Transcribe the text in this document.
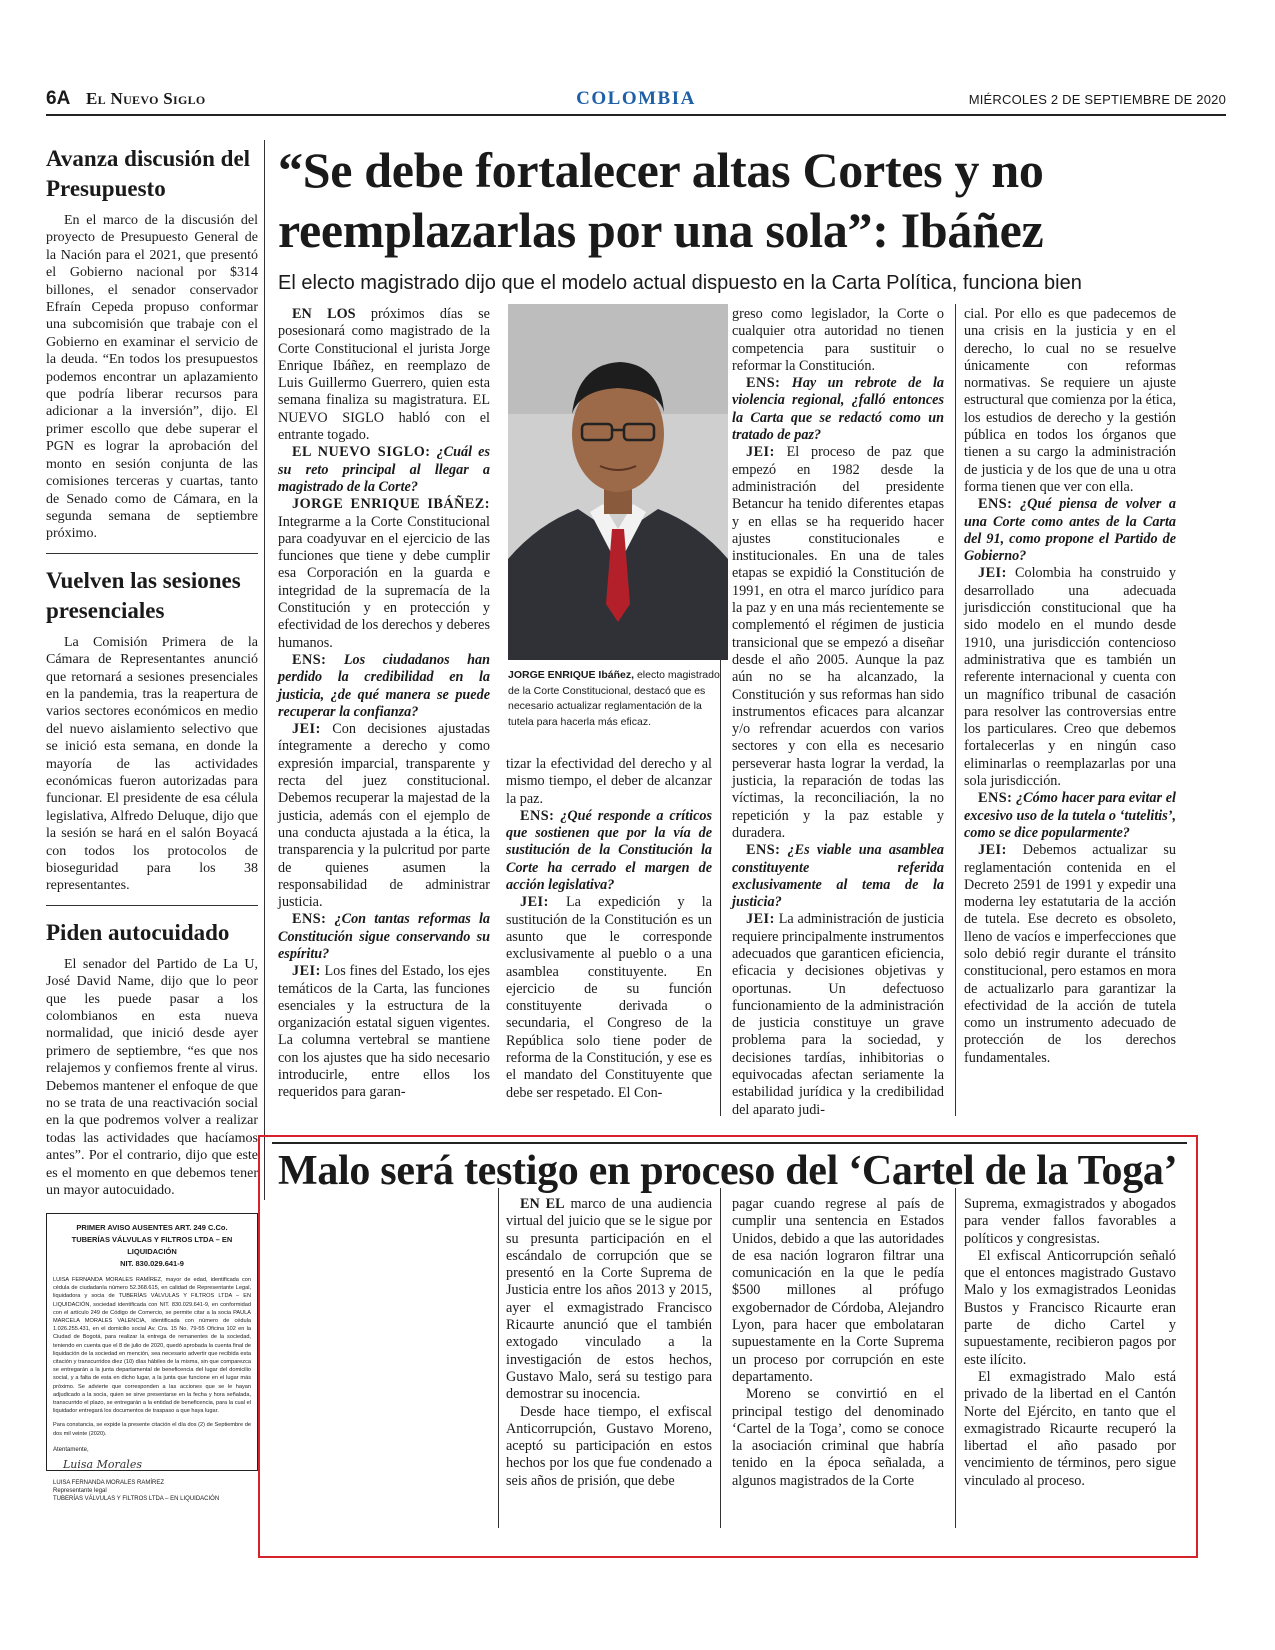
6A El Nuevo Siglo	COLOMBIA	MIÉRCOLES 2 DE SEPTIEMBRE DE 2020
Avanza discusión del Presupuesto

En el marco de la discusión del proyecto de Presupuesto General de la Nación para el 2021, que presentó el Gobierno nacional por $314 billones, el senador conservador Efraín Cepeda propuso conformar una subcomisión que trabaje con el Gobierno en examinar el servicio de la deuda. “En todos los presupuestos podemos encontrar un aplazamiento que podría liberar recursos para adicionar a la inversión”, dijo. El primer escollo que debe superar el PGN es lograr la aprobación del monto en sesión conjunta de las comisiones terceras y cuartas, tanto de Senado como de Cámara, en la segunda semana de septiembre próximo.

Vuelven las sesiones presenciales

La Comisión Primera de la Cámara de Representantes anunció que retornará a sesiones presenciales en la pandemia, tras la reapertura de varios sectores económicos en medio del nuevo aislamiento selectivo que se inició esta semana, en donde la mayoría de las actividades económicas fueron autorizadas para funcionar. El presidente de esa célula legislativa, Alfredo Deluque, dijo que la sesión se hará en el salón Boyacá con todos los protocolos de bioseguridad para los 38 representantes.

Piden autocuidado

El senador del Partido de La U, José David Name, dijo que lo peor que les puede pasar a los colombianos en esta nueva normalidad, que inició desde ayer primero de septiembre, “es que nos relajemos y confiemos frente al virus. Debemos mantener el enfoque de que no se trata de una reactivación social en la que podremos volver a realizar todas las actividades que hacíamos antes”. Por el contrario, dijo que este es el momento en que debemos tener un mayor autocuidado.

PRIMER AVISO AUSENTES ART. 249 C.Co.
TUBERÍAS VÁLVULAS Y FILTROS LTDA – EN LIQUIDACIÓN
NIT. 830.029.641-9
LUISA FERNANDA MORALES RAMÍREZ, mayor de edad, identificada con cédula de ciudadanía número 52.368.615, en calidad de Representante Legal, liquidadora y socia de TUBERÍAS VÁLVULAS Y FILTROS LTDA – EN LIQUIDACIÓN, sociedad identificada con NIT. 830.029.641-9, en conformidad con el artículo 249 de Código de Comercio, se permite citar a la socia PAULA MARCELA MORALES VALENCIA, identificada con número de cédula 1.026.255.431, en el domicilio social Av. Cra. 15 No. 79-55 Oficina 102 en la Ciudad de Bogotá, para realizar la entrega de remanentes de la sociedad, teniendo en cuenta que el 8 de julio de 2020, quedó aprobada la cuenta final de liquidación de la sociedad en mención, sea necesario advertir que recibida esta citación y transcurridos diez (10) días hábiles de la misma, sin que comparezca se entregarán a la junta departamental de beneficencia del lugar del domicilio social, y a falta de esta en dicho lugar, a la junta que funcione en el lugar más próximo. Se advierte que corresponden a las acciones que se le hayan adjudicado a la socia, quien se sirve presentarse en la fecha y hora señalada, transcurrido el plazo, se entregarán a la entidad de beneficencia, para la cual el liquidador entregará los documentos de traspaso a que haya lugar.
Para constancia, se expide la presente citación el día dos (2) de Septiembre de dos mil veinte (2020).
Atentamente,
Luisa Morales
LUISA FERNANDA MORALES RAMÍREZ
Representante legal
TUBERÍAS VÁLVULAS Y FILTROS LTDA – EN LIQUIDACIÓN
“Se debe fortalecer altas Cortes y no reemplazarlas por una sola”: Ibáñez
El electo magistrado dijo que el modelo actual dispuesto en la Carta Política, funciona bien

EN LOS próximos días se posesionará como magistrado de la Corte Constitucional el jurista Jorge Enrique Ibáñez, en reemplazo de Luis Guillermo Guerrero, quien esta semana finaliza su magistratura. EL NUEVO SIGLO habló con el entrante togado.

EL NUEVO SIGLO: ¿Cuál es su reto principal al llegar a magistrado de la Corte?

JORGE ENRIQUE IBÁÑEZ: Integrarme a la Corte Constitucional para coadyuvar en el ejercicio de las funciones que tiene y debe cumplir esa Corporación en la guarda e integridad de la supremacía de la Constitución y en protección y efectividad de los derechos y deberes humanos.

ENS: Los ciudadanos han perdido la credibilidad en la justicia, ¿de qué manera se puede recuperar la confianza?

JEI: Con decisiones ajustadas íntegramente a derecho y como expresión imparcial, transparente y recta del juez constitucional. Debemos recuperar la majestad de la justicia, además con el ejemplo de una conducta ajustada a la ética, la transparencia y la pulcritud por parte de quienes asumen la responsabilidad de administrar justicia.

ENS: ¿Con tantas reformas la Constitución sigue conservando su espíritu?

JEI: Los fines del Estado, los ejes temáticos de la Carta, las funciones esenciales y la estructura de la organización estatal siguen vigentes. La columna vertebral se mantiene con los ajustes que ha sido necesario introducirle, entre ellos los requeridos para garan-

JORGE ENRIQUE Ibáñez, electo magistrado de la Corte Constitucional, destacó que es necesario actualizar reglamentación de la tutela para hacerla más eficaz.

tizar la efectividad del derecho y al mismo tiempo, el deber de alcanzar la paz.

ENS: ¿Qué responde a críticos que sostienen que por la vía de sustitución de la Constitución la Corte ha cerrado el margen de acción legislativa?

JEI: La expedición y la sustitución de la Constitución es un asunto que le corresponde exclusivamente al pueblo o a una asamblea constituyente. En ejercicio de su función constituyente derivada o secundaria, el Congreso de la República solo tiene poder de reforma de la Constitución, y ese es el mandato del Constituyente que debe ser respetado. El Con-

greso como legislador, la Corte o cualquier otra autoridad no tienen competencia para sustituir o reformar la Constitución.

ENS: Hay un rebrote de la violencia regional, ¿falló entonces la Carta que se redactó como un tratado de paz?

JEI: El proceso de paz que empezó en 1982 desde la administración del presidente Betancur ha tenido diferentes etapas y en ellas se ha requerido hacer ajustes constitucionales e institucionales. En una de tales etapas se expidió la Constitución de 1991, en otra el marco jurídico para la paz y en una más recientemente se complementó el régimen de justicia transicional que se empezó a diseñar desde el año 2005. Aunque la paz aún no se ha alcanzado, la Constitución y sus reformas han sido instrumentos eficaces para alcanzar y/o refrendar acuerdos con varios sectores y con ella es necesario perseverar hasta lograr la verdad, la justicia, la reparación de todas las víctimas, la reconciliación, la no repetición y la paz estable y duradera.

ENS: ¿Es viable una asamblea constituyente referida exclusivamente al tema de la justicia?

JEI: La administración de justicia requiere principalmente instrumentos adecuados que garanticen eficiencia, eficacia y decisiones objetivas y oportunas. Un defectuoso funcionamiento de la administración de justicia constituye un grave problema para la sociedad, y decisiones tardías, inhibitorias o equivocadas afectan seriamente la estabilidad jurídica y la credibilidad del aparato judi-

cial. Por ello es que padecemos de una crisis en la justicia y en el derecho, lo cual no se resuelve únicamente con reformas normativas. Se requiere un ajuste estructural que comienza por la ética, los estudios de derecho y la gestión pública en todos los órganos que tienen a su cargo la administración de justicia y de los que de una u otra forma tienen que ver con ella.

ENS: ¿Qué piensa de volver a una Corte como antes de la Carta del 91, como propone el Partido de Gobierno?

JEI: Colombia ha construido y desarrollado una adecuada jurisdicción constitucional que ha sido modelo en el mundo desde 1910, una jurisdicción contencioso administrativa que es también un referente internacional y cuenta con un magnífico tribunal de casación para resolver las controversias entre los particulares. Creo que debemos fortalecerlas y en ningún caso eliminarlas o reemplazarlas por una sola jurisdicción.

ENS: ¿Cómo hacer para evitar el excesivo uso de la tutela o ‘tutelitis’, como se dice popularmente?

JEI: Debemos actualizar su reglamentación contenida en el Decreto 2591 de 1991 y expedir una moderna ley estatutaria de la acción de tutela. Ese decreto es obsoleto, lleno de vacíos e imperfecciones que solo debió regir durante el tránsito constitucional, pero estamos en mora de actualizarlo para garantizar la efectividad de la acción de tutela como un instrumento adecuado de protección de los derechos fundamentales.

Malo será testigo en proceso del ‘Cartel de la Toga’

EN EL marco de una audiencia virtual del juicio que se le sigue por su presunta participación en el escándalo de corrupción que se presentó en la Corte Suprema de Justicia entre los años 2013 y 2015, ayer el exmagistrado Francisco Ricaurte anunció que el también extogado vinculado a la investigación de estos hechos, Gustavo Malo, será su testigo para demostrar su inocencia.

Desde hace tiempo, el exfiscal Anticorrupción, Gustavo Moreno, aceptó su participación en estos hechos por los que fue condenado a seis años de prisión, que debe

pagar cuando regrese al país de cumplir una sentencia en Estados Unidos, debido a que las autoridades de esa nación lograron filtrar una comunicación en la que le pedía $500 millones al prófugo exgobernador de Córdoba, Alejandro Lyon, para hacer que embolataran supuestamente en la Corte Suprema un proceso por corrupción en este departamento.

Moreno se convirtió en el principal testigo del denominado ‘Cartel de la Toga’, como se conoce la asociación criminal que habría tenido en la época señalada, a algunos magistrados de la Corte

Suprema, exmagistrados y abogados para vender fallos favorables a políticos y congresistas.

El exfiscal Anticorrupción señaló que el entonces magistrado Gustavo Malo y los exmagistrados Leonidas Bustos y Francisco Ricaurte eran parte de dicho Cartel y supuestamente, recibieron pagos por este ilícito.

El exmagistrado Malo está privado de la libertad en el Cantón Norte del Ejército, en tanto que el exmagistrado Ricaurte recuperó la libertad el año pasado por vencimiento de términos, pero sigue vinculado al proceso.
